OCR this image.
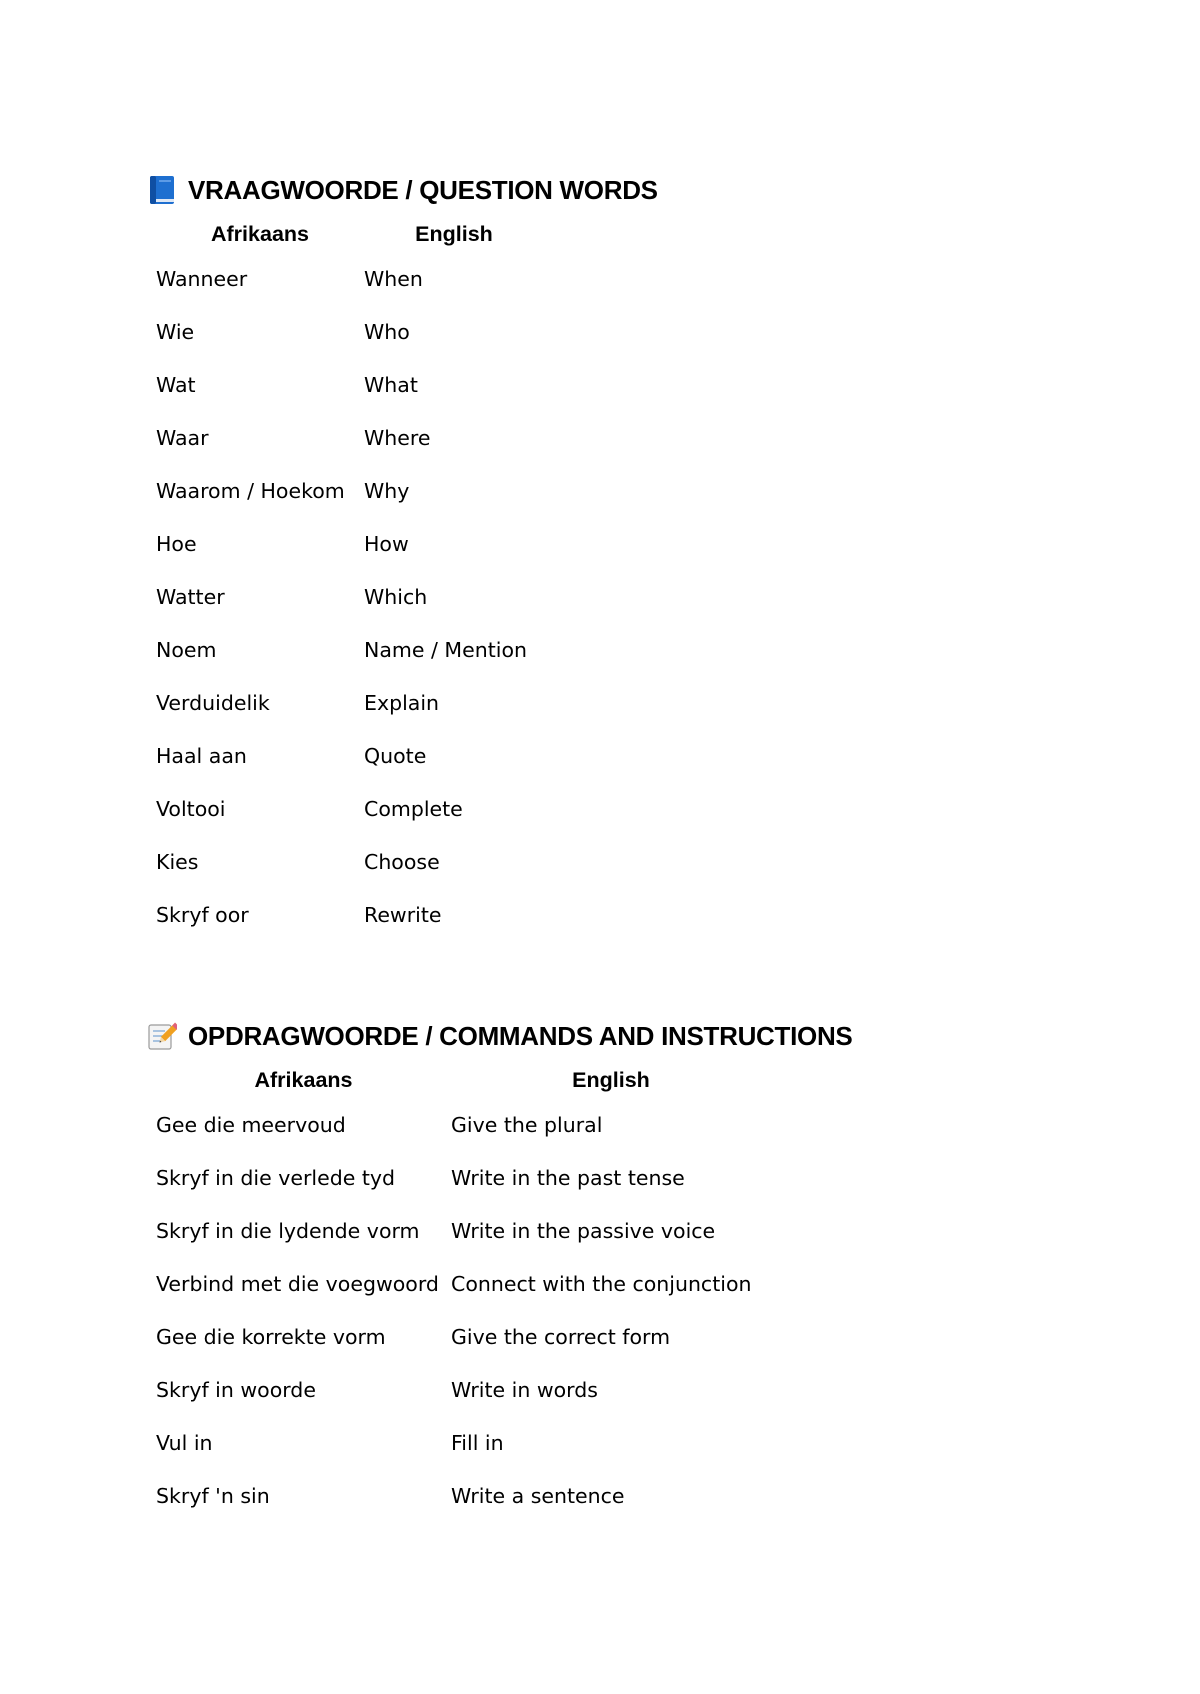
VRAAGWOORDE / QUESTION WORDS
Afrikaans	English
Wanneer	When
Wie	Who
Wat	What
Waar	Where
Waarom / Hoekom	Why
Hoe	How
Watter	Which
Noem	Name / Mention
Verduidelik	Explain
Haal aan	Quote
Voltooi	Complete
Kies	Choose
Skryf oor	Rewrite
OPDRAGWOORDE / COMMANDS AND INSTRUCTIONS
Afrikaans	English
Gee die meervoud	Give the plural
Skryf in die verlede tyd	Write in the past tense
Skryf in die lydende vorm	Write in the passive voice
Verbind met die voegwoord	Connect with the conjunction
Gee die korrekte vorm	Give the correct form
Skryf in woorde	Write in words
Vul in	Fill in
Skryf 'n sin	Write a sentence
